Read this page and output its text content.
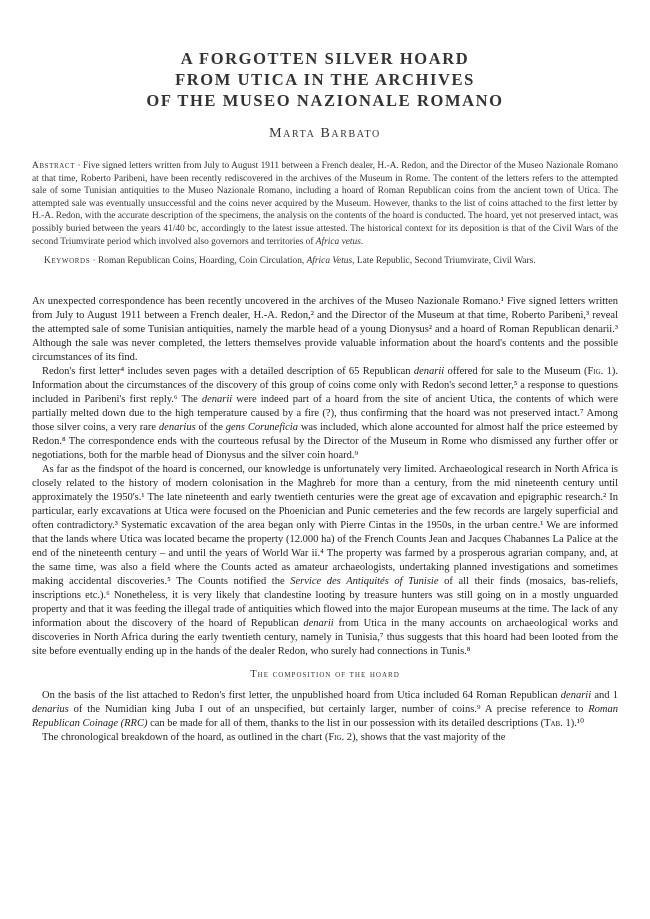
A FORGOTTEN SILVER HOARD
FROM UTICA IN THE ARCHIVES
OF THE MUSEO NAZIONALE ROMANO
Marta Barbato
Abstract · Five signed letters written from July to August 1911 between a French dealer, H.-A. Redon, and the Director of the Museo Nazionale Romano at that time, Roberto Paribeni, have been recently rediscovered in the archives of the Museum in Rome. The content of the letters refers to the attempted sale of some Tunisian antiquities to the Museo Nazionale Romano, including a hoard of Roman Republican coins from the ancient town of Utica. The attempted sale was eventually unsuccessful and the coins never acquired by the Museum. However, thanks to the list of coins attached to the first letter by H.-A. Redon, with the accurate description of the specimens, the analysis on the contents of the hoard is conducted. The hoard, yet not preserved intact, was possibly buried between the years 41/40 bc, accordingly to the latest issue attested. The historical context for its deposition is that of the Civil Wars of the second Triumvirate period which involved also governors and territories of Africa vetus.
Keywords · Roman Republican Coins, Hoarding, Coin Circulation, Africa Vetus, Late Republic, Second Triumvirate, Civil Wars.

An unexpected correspondence has been recently uncovered in the archives of the Museo Nazionale Romano.¹ Five signed letters written from July to August 1911 between a French dealer, H.-A. Redon,² and the Director of the Museum at that time, Roberto Paribeni,³ reveal the attempted sale of some Tunisian antiquities, namely the marble head of a young Dionysus² and a hoard of Roman Republican denarii.³ Although the sale was never completed, the letters themselves provide valuable information about the hoard's contents and the possible circumstances of its find.

Redon's first letter⁴ includes seven pages with a detailed description of 65 Republican denarii offered for sale to the Museum (Fig. 1). Information about the circumstances of the discovery of this group of coins come only with Redon's second letter,⁵ a response to questions included in Paribeni's first reply.⁶ The denarii were indeed part of a hoard from the site of ancient Utica, the contents of which were partially melted down due to the high temperature caused by a fire (?), thus confirming that the hoard was not preserved intact.⁷ Among those silver coins, a very rare denarius of the gens Coruneficia was included, which alone accounted for almost half the price esteemed by Redon.⁸ The correspondence ends with the courteous refusal by the Director of the Museum in Rome who dismissed any further offer or negotiations, both for the marble head of Dionysus and the silver coin hoard.⁹

As far as the findspot of the hoard is concerned, our knowledge is unfortunately very limited. Archaeological research in North Africa is closely related to the history of modern colonisation in the Maghreb for more than a century, from the mid nineteenth century until approximately the 1950's.¹ The late nineteenth and early twentieth centuries were the great age of excavation and epigraphic research.² In particular, early excavations at Utica were focused on the Phoenician and Punic cemeteries and the few records are largely superficial and often contradictory.³ Systematic excavation of the area began only with Pierre Cintas in the 1950s, in the urban centre.¹ We are informed that the lands where Utica was located became the property (12.000 ha) of the French Counts Jean and Jacques Chabannes La Palice at the end of the nineteenth century – and until the years of World War ii.⁴ The property was farmed by a prosperous agrarian company, and, at the same time, was also a field where the Counts acted as amateur archaeologists, undertaking planned investigations and sometimes making accidental discoveries.⁵ The Counts notified the Service des Antiquités of Tunisie of all their finds (mosaics, bas-reliefs, inscriptions etc.).⁶ Nonetheless, it is very likely that clandestine looting by treasure hunters was still going on in a mostly unguarded property and that it was feeding the illegal trade of antiquities which flowed into the major European museums at the time. The lack of any information about the discovery of the hoard of Republican denarii from Utica in the many accounts on archaeological works and discoveries in North Africa during the early twentieth century, namely in Tunisia,⁷ thus suggests that this hoard had been looted from the site before eventually ending up in the hands of the dealer Redon, who surely had connections in Tunis.⁸

The composition of the hoard

On the basis of the list attached to Redon's first letter, the unpublished hoard from Utica included 64 Roman Republican denarii and 1 denarius of the Numidian king Juba I out of an unspecified, but certainly larger, number of coins.⁹ A precise reference to Roman Republican Coinage (RRC) can be made for all of them, thanks to the list in our possession with its detailed descriptions (Tab. 1).¹⁰

The chronological breakdown of the hoard, as outlined in the chart (Fig. 2), shows that the vast majority of the
